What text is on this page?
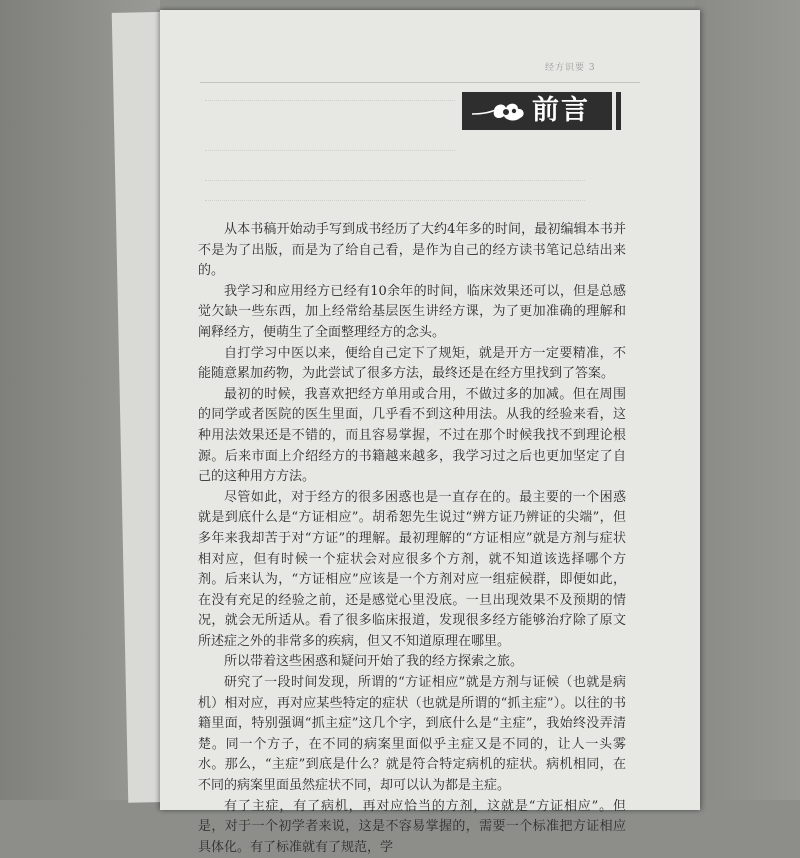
经方识要 3
前言

从本书稿开始动手写到成书经历了大约4年多的时间，最初编辑本书并不是为了出版，而是为了给自己看，是作为自己的经方读书笔记总结出来的。

我学习和应用经方已经有10余年的时间，临床效果还可以，但是总感觉欠缺一些东西，加上经常给基层医生讲经方课，为了更加准确的理解和阐释经方，便萌生了全面整理经方的念头。

自打学习中医以来，便给自己定下了规矩，就是开方一定要精准，不能随意累加药物，为此尝试了很多方法，最终还是在经方里找到了答案。

最初的时候，我喜欢把经方单用或合用，不做过多的加减。但在周围的同学或者医院的医生里面，几乎看不到这种用法。从我的经验来看，这种用法效果还是不错的，而且容易掌握，不过在那个时候我找不到理论根源。后来市面上介绍经方的书籍越来越多，我学习过之后也更加坚定了自己的这种用方方法。

尽管如此，对于经方的很多困惑也是一直存在的。最主要的一个困惑就是到底什么是“方证相应”。胡希恕先生说过“辨方证乃辨证的尖端”，但多年来我却苦于对“方证”的理解。最初理解的“方证相应”就是方剂与症状相对应，但有时候一个症状会对应很多个方剂，就不知道该选择哪个方剂。后来认为，“方证相应”应该是一个方剂对应一组症候群，即便如此，在没有充足的经验之前，还是感觉心里没底。一旦出现效果不及预期的情况，就会无所适从。看了很多临床报道，发现很多经方能够治疗除了原文所述症之外的非常多的疾病，但又不知道原理在哪里。

所以带着这些困惑和疑问开始了我的经方探索之旅。

研究了一段时间发现，所谓的“方证相应”就是方剂与证候（也就是病机）相对应，再对应某些特定的症状（也就是所谓的“抓主症”）。以往的书籍里面，特别强调“抓主症”这几个字，到底什么是“主症”，我始终没弄清楚。同一个方子，在不同的病案里面似乎主症又是不同的，让人一头雾水。那么，“主症”到底是什么？就是符合特定病机的症状。病机相同，在不同的病案里面虽然症状不同，却可以认为都是主症。

有了主症，有了病机，再对应恰当的方剂，这就是“方证相应”。但是，对于一个初学者来说，这是不容易掌握的，需要一个标准把方证相应具体化。有了标准就有了规范，学
